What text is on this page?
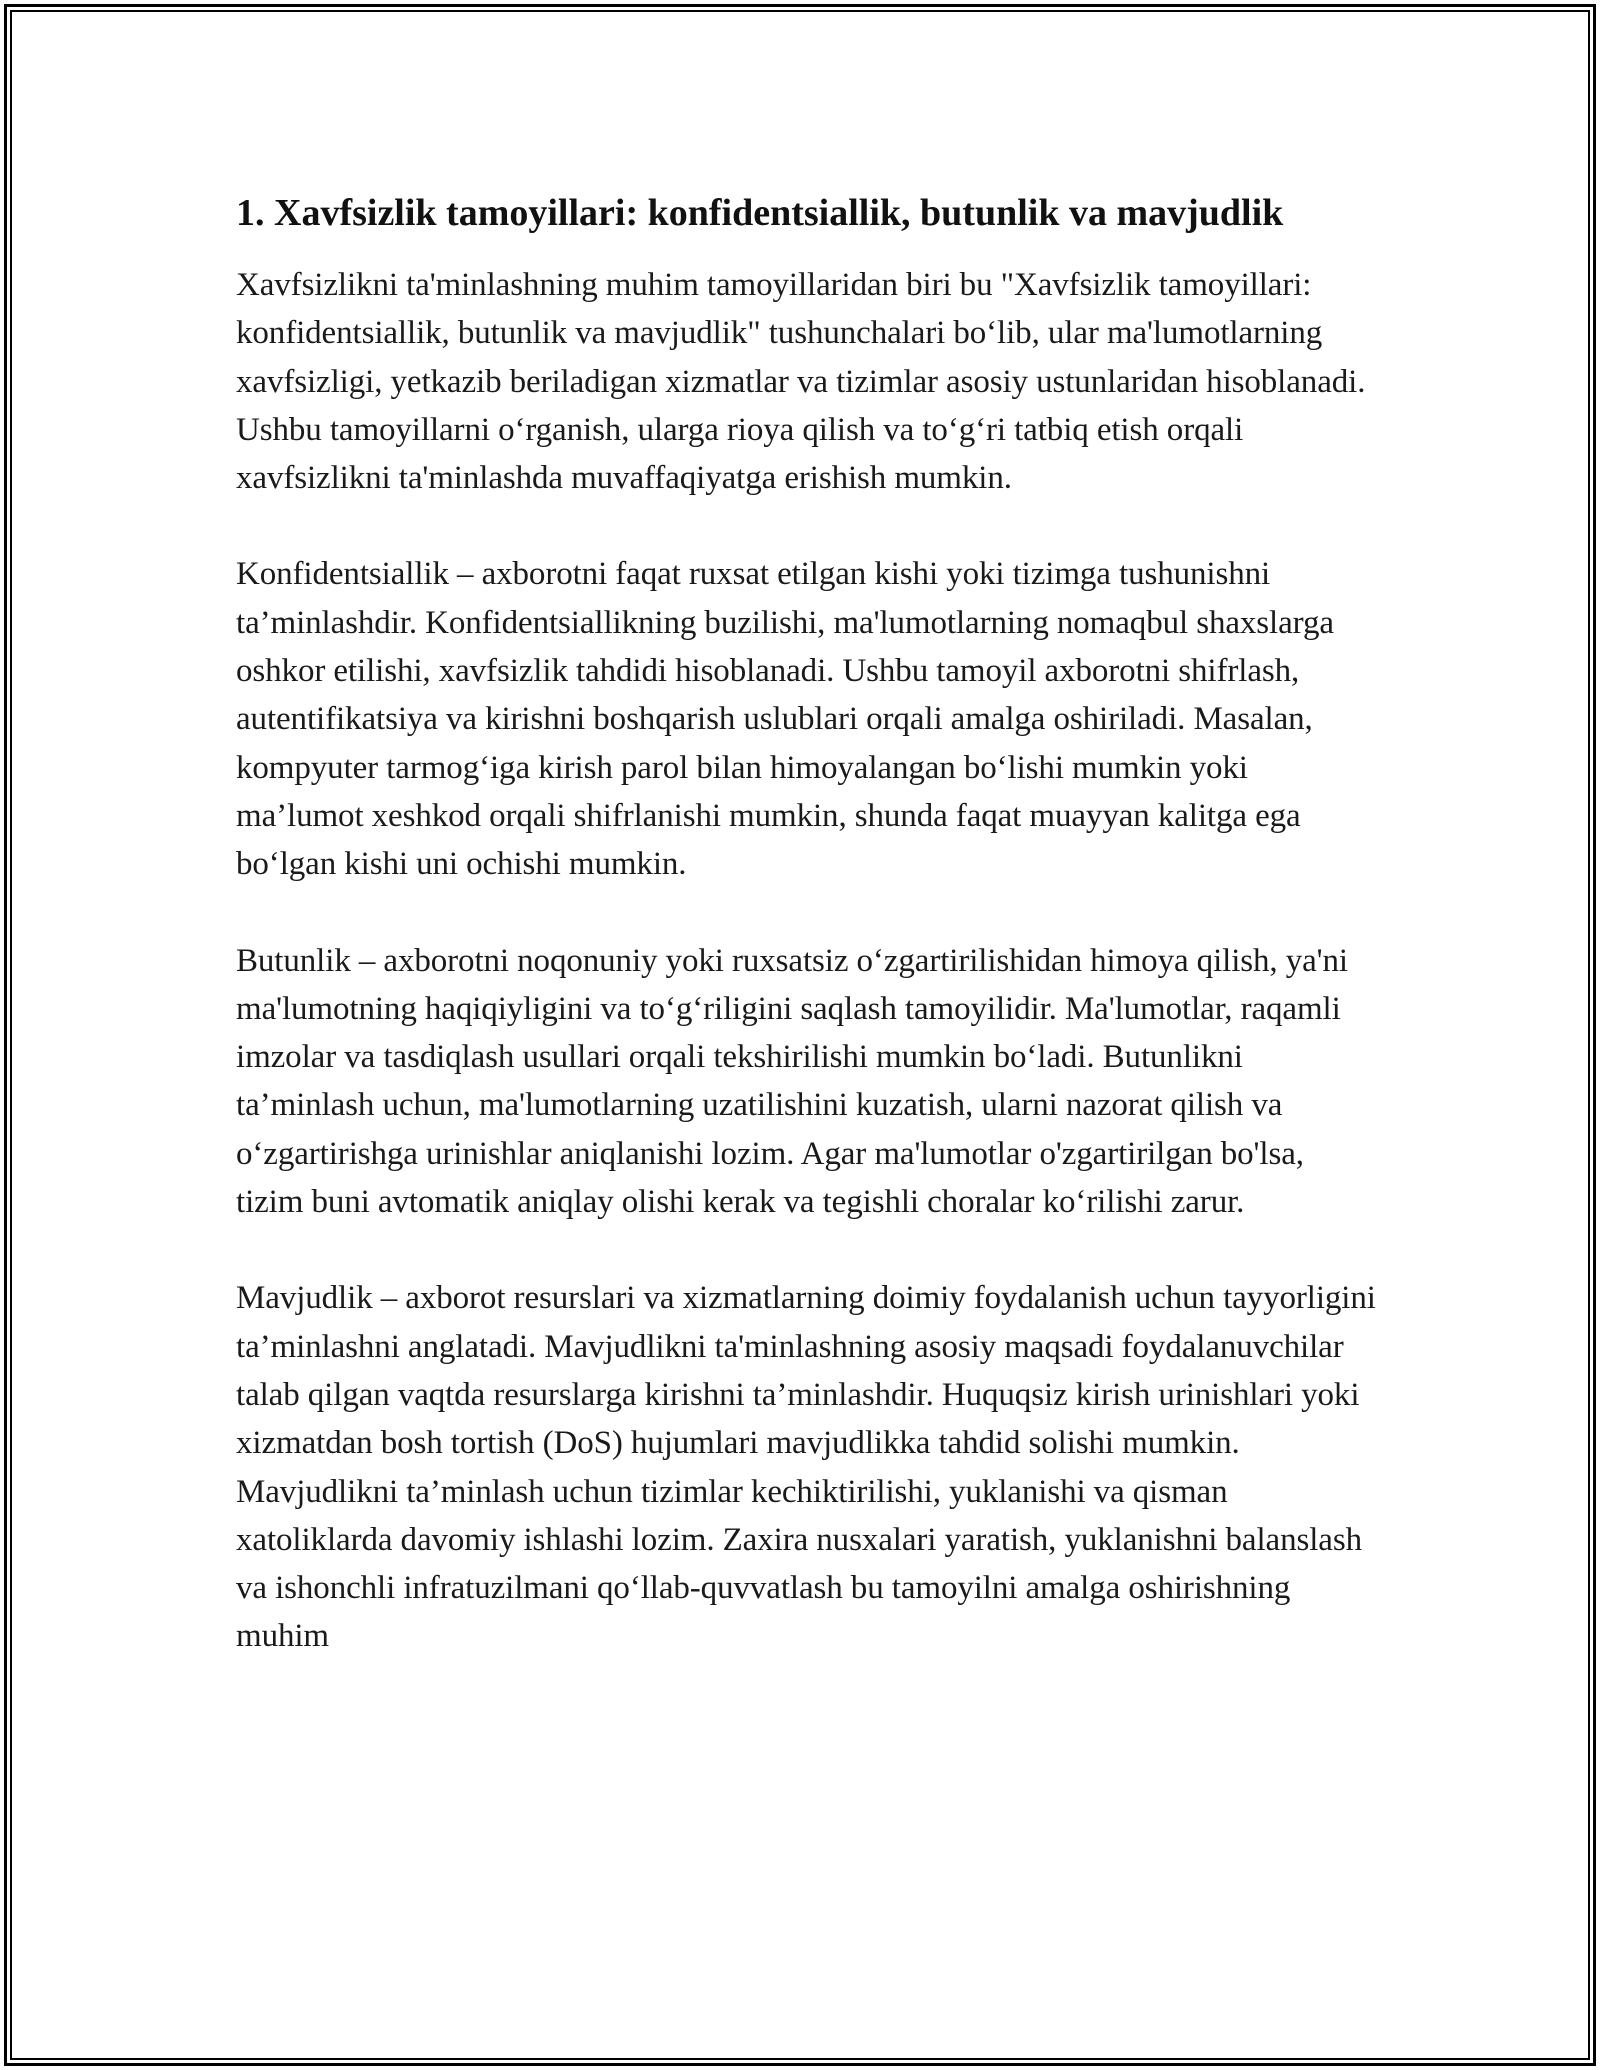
1. Xavfsizlik tamoyillari: konfidentsiallik, butunlik va mavjudlik

Xavfsizlikni ta'minlashning muhim tamoyillaridan biri bu "Xavfsizlik tamoyillari: konfidentsiallik, butunlik va mavjudlik" tushunchalari bo‘lib, ular ma'lumotlarning xavfsizligi, yetkazib beriladigan xizmatlar va tizimlar asosiy ustunlaridan hisoblanadi. Ushbu tamoyillarni o‘rganish, ularga rioya qilish va to‘g‘ri tatbiq etish orqali xavfsizlikni ta'minlashda muvaffaqiyatga erishish mumkin.

Konfidentsiallik – axborotni faqat ruxsat etilgan kishi yoki tizimga tushunishni ta’minlashdir. Konfidentsiallikning buzilishi, ma'lumotlarning nomaqbul shaxslarga oshkor etilishi, xavfsizlik tahdidi hisoblanadi. Ushbu tamoyil axborotni shifrlash, autentifikatsiya va kirishni boshqarish uslublari orqali amalga oshiriladi. Masalan, kompyuter tarmog‘iga kirish parol bilan himoyalangan bo‘lishi mumkin yoki ma’lumot xeshkod orqali shifrlanishi mumkin, shunda faqat muayyan kalitga ega bo‘lgan kishi uni ochishi mumkin.

Butunlik – axborotni noqonuniy yoki ruxsatsiz o‘zgartirilishidan himoya qilish, ya'ni ma'lumotning haqiqiyligini va to‘g‘riligini saqlash tamoyilidir. Ma'lumotlar, raqamli imzolar va tasdiqlash usullari orqali tekshirilishi mumkin bo‘ladi. Butunlikni ta’minlash uchun, ma'lumotlarning uzatilishini kuzatish, ularni nazorat qilish va o‘zgartirishga urinishlar aniqlanishi lozim. Agar ma'lumotlar o'zgartirilgan bo'lsa, tizim buni avtomatik aniqlay olishi kerak va tegishli choralar ko‘rilishi zarur.

Mavjudlik – axborot resurslari va xizmatlarning doimiy foydalanish uchun tayyorligini ta’minlashni anglatadi. Mavjudlikni ta'minlashning asosiy maqsadi foydalanuvchilar talab qilgan vaqtda resurslarga kirishni ta’minlashdir. Huquqsiz kirish urinishlari yoki xizmatdan bosh tortish (DoS) hujumlari mavjudlikka tahdid solishi mumkin. Mavjudlikni ta’minlash uchun tizimlar kechiktirilishi, yuklanishi va qisman xatoliklarda davomiy ishlashi lozim. Zaxira nusxalari yaratish, yuklanishni balanslash va ishonchli infratuzilmani qo‘llab-quvvatlash bu tamoyilni amalga oshirishning muhim
